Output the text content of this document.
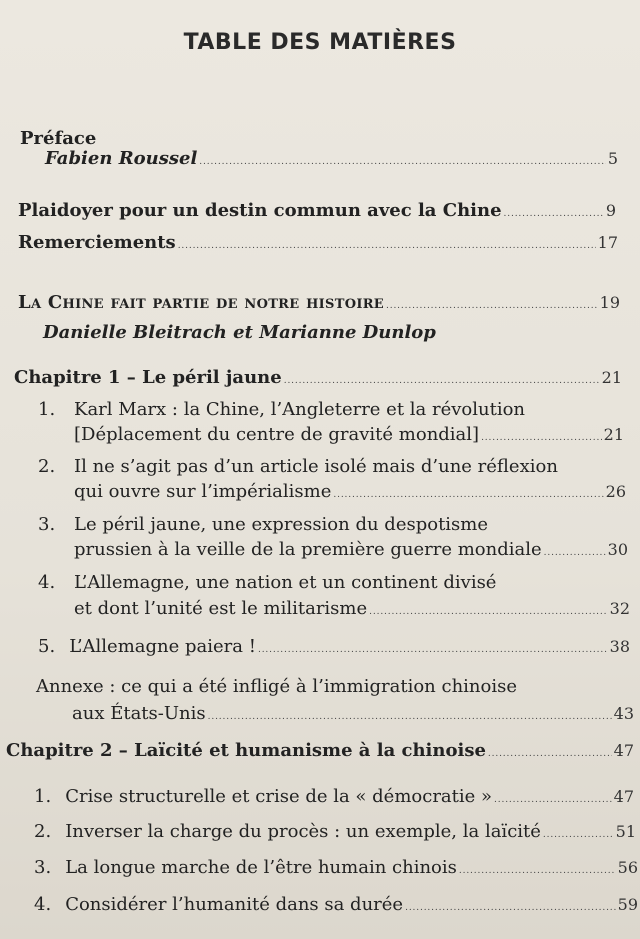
TABLE DES MATIÈRES
Préface
Fabien Roussel . . .	5
Plaidoyer pour un destin commun avec la Chine . . .	9
Remerciements . . .	17
La Chine fait partie de notre histoire . . .	19
Danielle Bleitrach et Marianne Dunlop
Chapitre 1 – Le péril jaune . . .	21
1. Karl Marx : la Chine, l’Angleterre et la révolution
[Déplacement du centre de gravité mondial] . . .	21
2. Il ne s’agit pas d’un article isolé mais d’une réflexion
qui ouvre sur l’impérialisme . . .	26
3. Le péril jaune, une expression du despotisme
prussien à la veille de la première guerre mondiale . . .	30
4. L’Allemagne, une nation et un continent divisé
et dont l’unité est le militarisme . . .	32
5. L’Allemagne paiera ! . . .	38
Annexe : ce qui a été infligé à l’immigration chinoise
aux États-Unis . . .	43
Chapitre 2 – Laïcité et humanisme à la chinoise . . .	47
1. Crise structurelle et crise de la « démocratie » . . .	47
2. Inverser la charge du procès : un exemple, la laïcité . . .	51
3. La longue marche de l’être humain chinois . . .	56
4. Considérer l’humanité dans sa durée . . .	59
